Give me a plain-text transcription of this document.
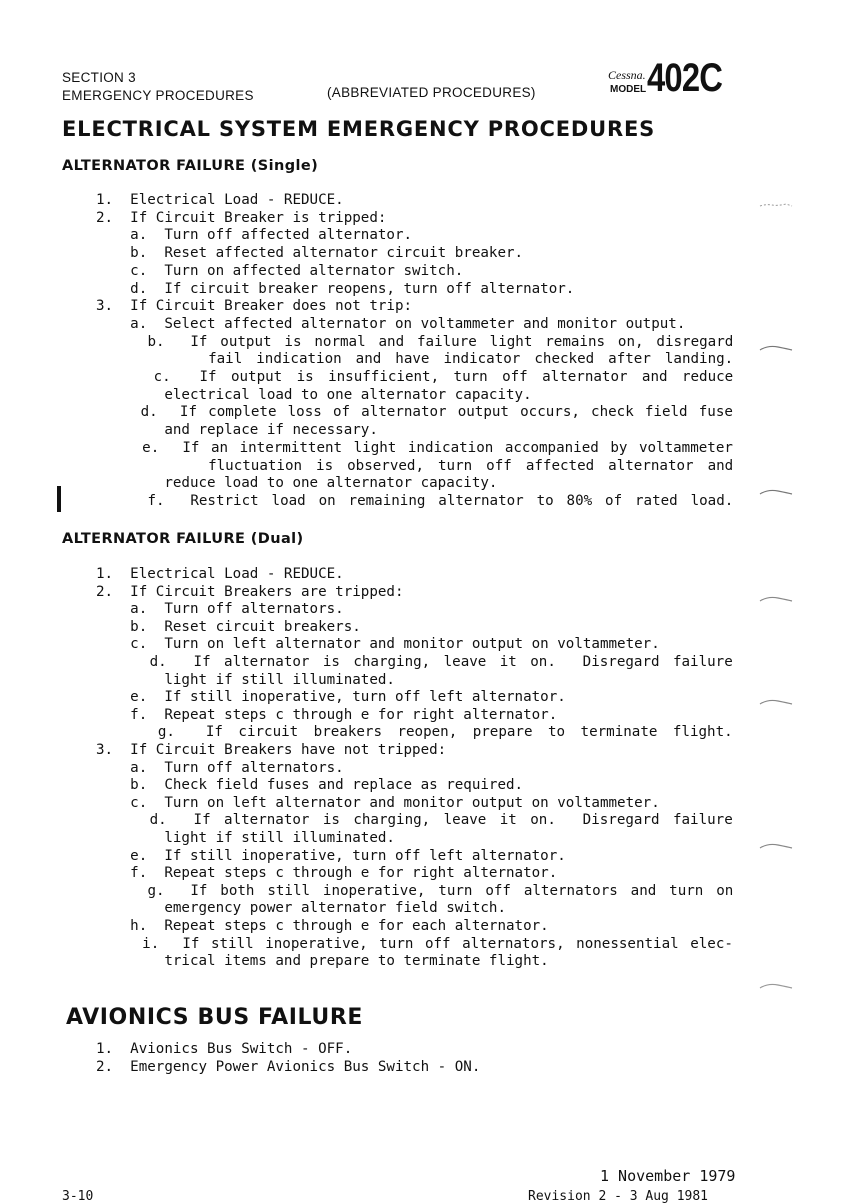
SECTION 3
EMERGENCY PROCEDURES	(ABBREVIATED PROCEDURES)
Cessna.
MODEL 402C
ELECTRICAL SYSTEM EMERGENCY PROCEDURES
ALTERNATOR FAILURE (Single)
1.  Electrical Load - REDUCE.
2.  If Circuit Breaker is tripped:
a.  Turn off affected alternator.
b.  Reset affected alternator circuit breaker.
c.  Turn on affected alternator switch.
d.  If circuit breaker reopens, turn off alternator.
3.  If Circuit Breaker does not trip:
a.  Select affected alternator on voltammeter and monitor output.
b.  If output is normal and failure light remains on, disregard
fail indication and have indicator checked after landing.
c.  If output is insufficient, turn off alternator and reduce
electrical load to one alternator capacity.
d.  If complete loss of alternator output occurs, check field fuse
and replace if necessary.
e.  If an intermittent light indication accompanied by voltammeter
fluctuation is observed, turn off affected alternator and
reduce load to one alternator capacity.
f.  Restrict load on remaining alternator to 80% of rated load.
ALTERNATOR FAILURE (Dual)
1.  Electrical Load - REDUCE.
2.  If Circuit Breakers are tripped:
a.  Turn off alternators.
b.  Reset circuit breakers.
c.  Turn on left alternator and monitor output on voltammeter.
d.  If alternator is charging, leave it on.  Disregard failure
light if still illuminated.
e.  If still inoperative, turn off left alternator.
f.  Repeat steps c through e for right alternator.
g.  If circuit breakers reopen, prepare to terminate flight.
3.  If Circuit Breakers have not tripped:
a.  Turn off alternators.
b.  Check field fuses and replace as required.
c.  Turn on left alternator and monitor output on voltammeter.
d.  If alternator is charging, leave it on.  Disregard failure
light if still illuminated.
e.  If still inoperative, turn off left alternator.
f.  Repeat steps c through e for right alternator.
g.  If both still inoperative, turn off alternators and turn on
emergency power alternator field switch.
h.  Repeat steps c through e for each alternator.
i.  If still inoperative, turn off alternators, nonessential elec-
trical items and prepare to terminate flight.
AVIONICS BUS FAILURE
1.  Avionics Bus Switch - OFF.
2.  Emergency Power Avionics Bus Switch - ON.
1 November 1979
3-10	Revision 2 - 3 Aug 1981
